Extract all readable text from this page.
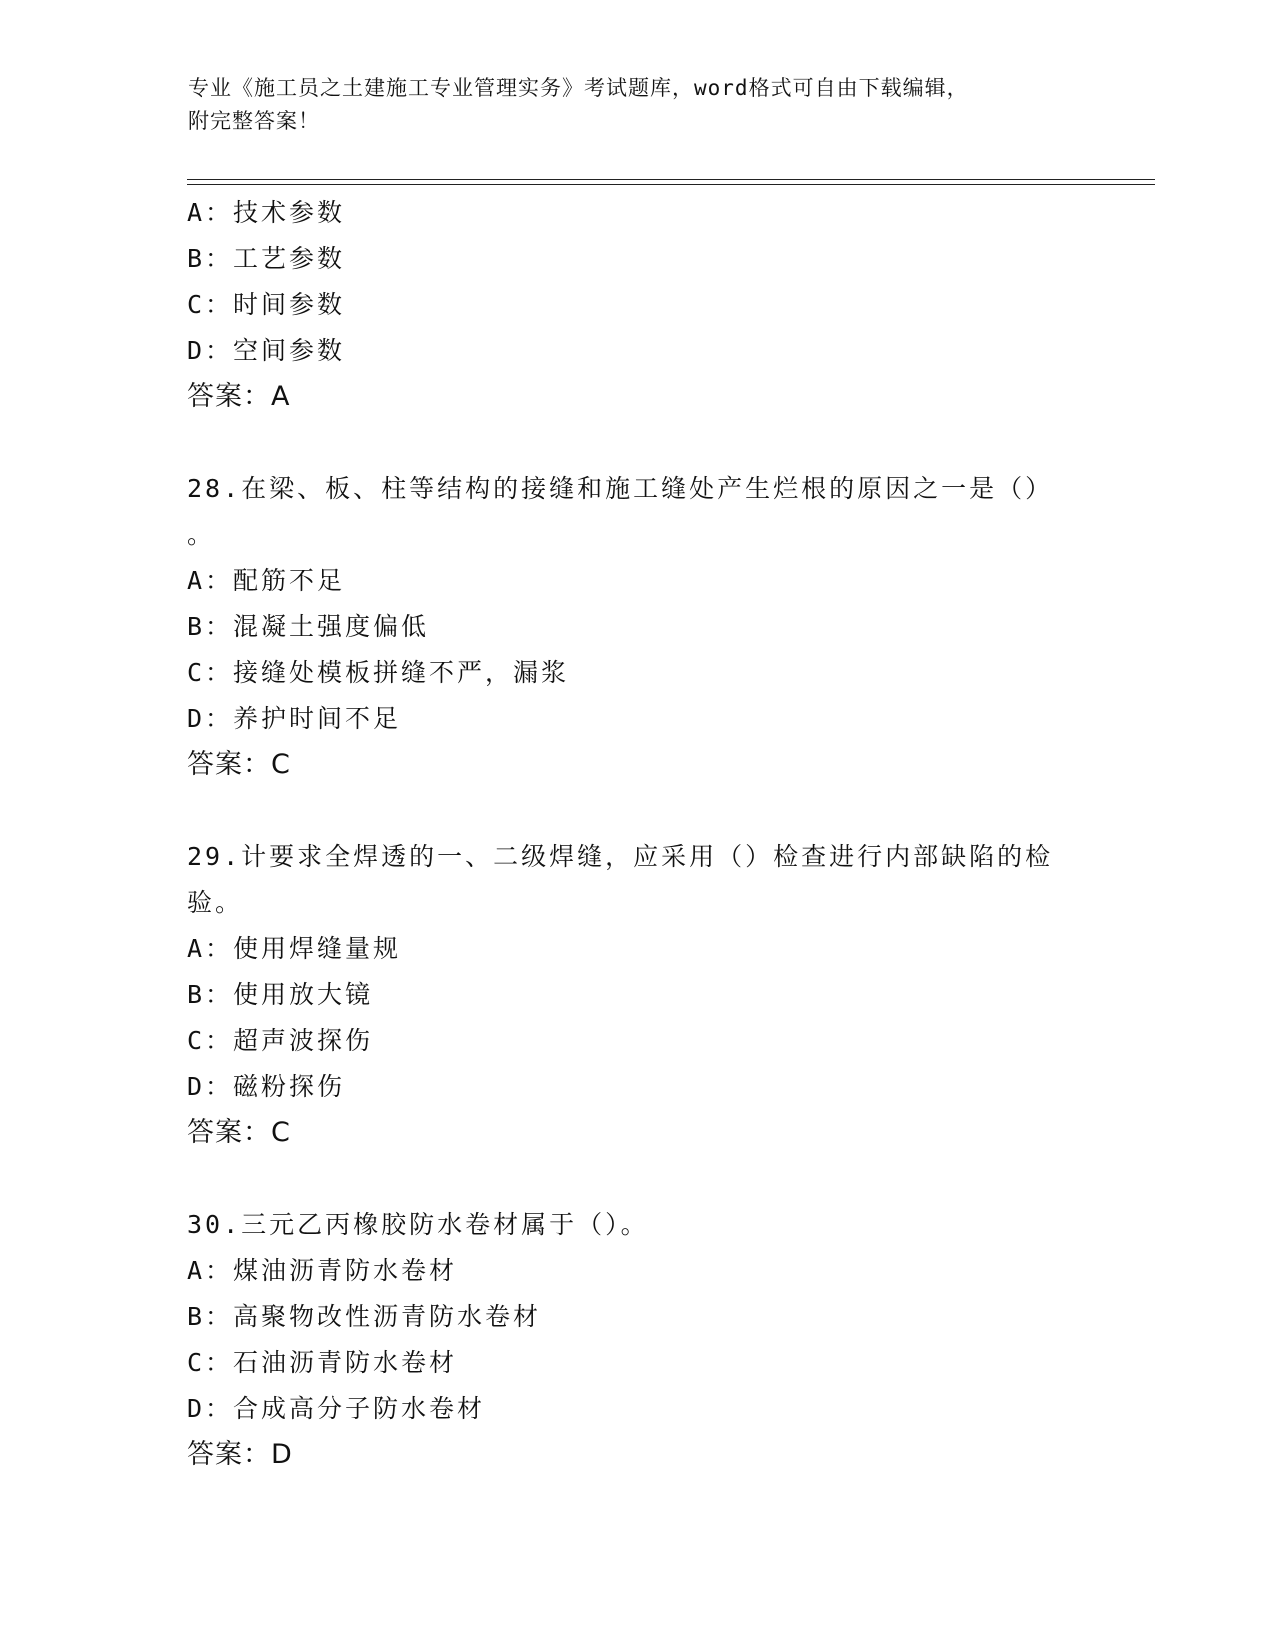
专业《施工员之土建施工专业管理实务》考试题库，word格式可自由下载编辑，
附完整答案！
A：技术参数
B：工艺参数
C：时间参数
D：空间参数
答案：A
28.在梁、板、柱等结构的接缝和施工缝处产生烂根的原因之一是（）
。
A：配筋不足
B：混凝土强度偏低
C：接缝处模板拼缝不严，漏浆
D：养护时间不足
答案：C
29.计要求全焊透的一、二级焊缝，应采用（）检查进行内部缺陷的检
验。
A：使用焊缝量规
B：使用放大镜
C：超声波探伤
D：磁粉探伤
答案：C
30.三元乙丙橡胶防水卷材属于（）。
A：煤油沥青防水卷材
B：高聚物改性沥青防水卷材
C：石油沥青防水卷材
D：合成高分子防水卷材
答案：D
